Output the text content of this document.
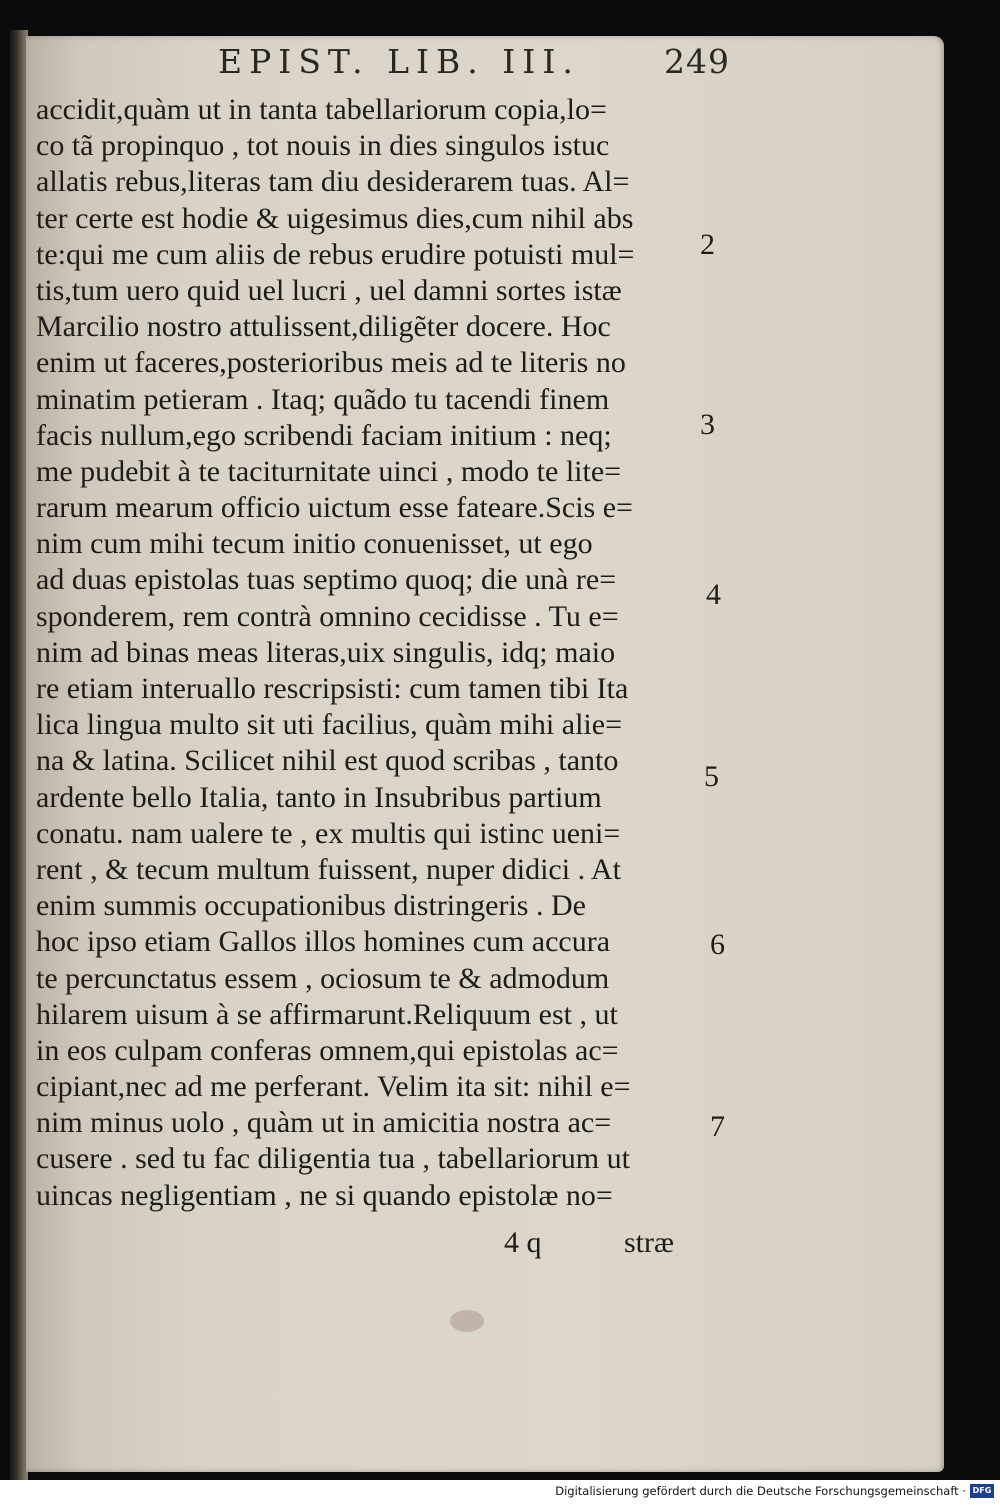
EPIST. LIB. III.	249
accidit,quàm ut in tanta tabellariorum copia,lo=
co tã propinquo , tot nouis in dies singulos istuc
allatis rebus,literas tam diu desiderarem tuas. Al=
ter certe est hodie & uigesimus dies,cum nihil abs
te:qui me cum aliis de rebus erudire potuisti mul=
tis,tum uero quid uel lucri , uel damni sortes istæ
Marcilio nostro attulissent,diligẽter docere. Hoc
enim ut faceres,posterioribus meis ad te literis no
minatim petieram . Itaq; quãdo tu tacendi finem
facis nullum,ego scribendi faciam initium : neq;
me pudebit à te taciturnitate uinci , modo te lite=
rarum mearum officio uictum esse fateare.Scis e=
nim cum mihi tecum initio conuenisset, ut ego
ad duas epistolas tuas septimo quoq; die unà re=
sponderem, rem contrà omnino cecidisse . Tu e=
nim ad binas meas literas,uix singulis, idq; maio
re etiam interuallo rescripsisti: cum tamen tibi Ita
lica lingua multo sit uti facilius, quàm mihi alie=
na & latina. Scilicet nihil est quod scribas , tanto
ardente bello Italia, tanto in Insubribus partium
conatu. nam ualere te , ex multis qui istinc ueni=
rent , & tecum multum fuissent, nuper didici . At
enim summis occupationibus distringeris . De
hoc ipso etiam Gallos illos homines cum accura
te percunctatus essem , ociosum te & admodum
hilarem uisum à se affirmarunt.Reliquum est , ut
in eos culpam conferas omnem,qui epistolas ac=
cipiant,nec ad me perferant. Velim ita sit: nihil e=
nim minus uolo , quàm ut in amicitia nostra ac=
cusere . sed tu fac diligentia tua , tabellariorum ut
uincas negligentiam , ne si quando epistolæ no=
2
3
4
5
6
7
4 q	stræ
Digitalisierung gefördert durch die Deutsche Forschungsgemeinschaft · DFG
